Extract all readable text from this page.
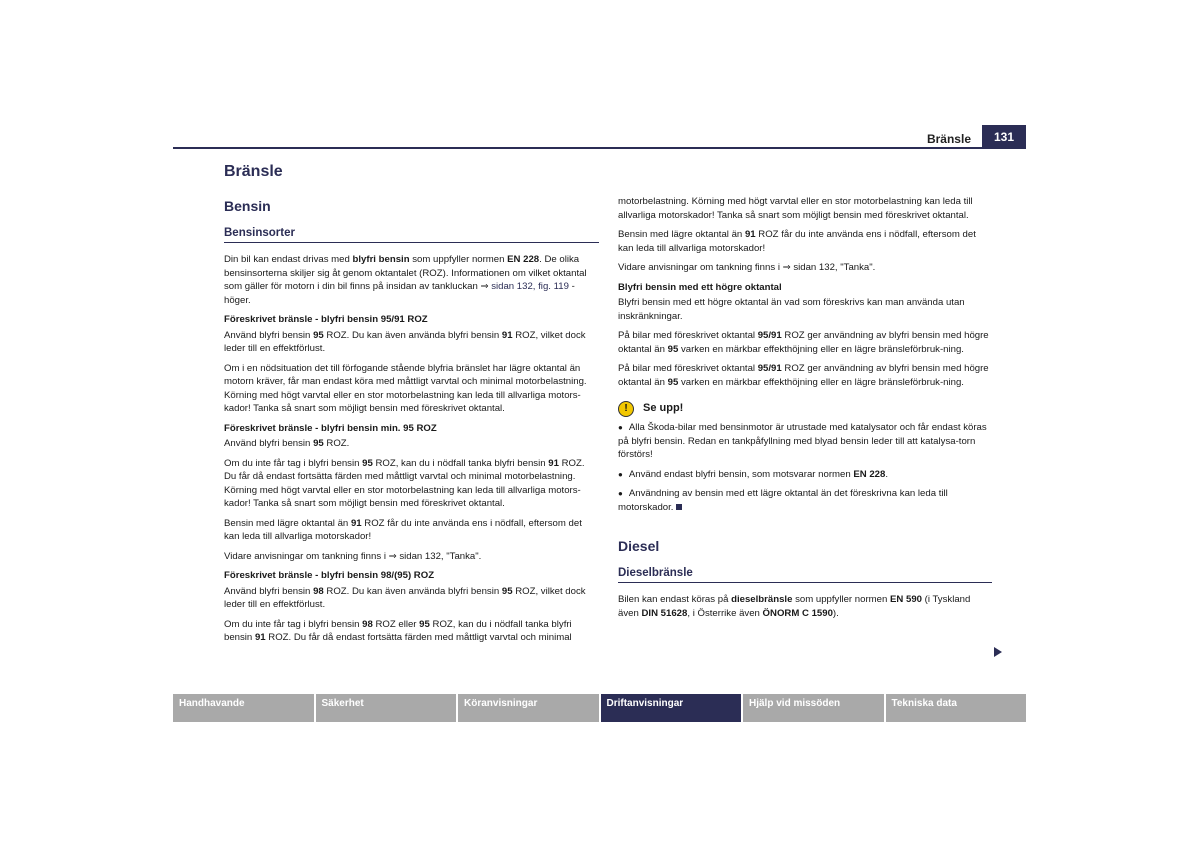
Bränsle	131
Bränsle
Bensin
Bensinsorter

Din bil kan endast drivas med blyfri bensin som uppfyller normen EN 228. De olika bensinsorterna skiljer sig åt genom oktantalet (ROZ). Informationen om vilket oktantal som gäller för motorn i din bil finns på insidan av tankluckan ⇒ sidan 132, fig. 119 -höger.

Föreskrivet bränsle - blyfri bensin 95/91 ROZ

Använd blyfri bensin 95 ROZ. Du kan även använda blyfri bensin 91 ROZ, vilket dock leder till en effektförlust.

Om i en nödsituation det till förfogande stående blyfria bränslet har lägre oktantal än motorn kräver, får man endast köra med måttligt varvtal och minimal motorbelastning. Körning med högt varvtal eller en stor motorbelastning kan leda till allvarliga motors-kador! Tanka så snart som möjligt bensin med föreskrivet oktantal.

Föreskrivet bränsle - blyfri bensin min. 95 ROZ

Använd blyfri bensin 95 ROZ.

Om du inte får tag i blyfri bensin 95 ROZ, kan du i nödfall tanka blyfri bensin 91 ROZ. Du får då endast fortsätta färden med måttligt varvtal och minimal motorbelastning. Körning med högt varvtal eller en stor motorbelastning kan leda till allvarliga motors-kador! Tanka så snart som möjligt bensin med föreskrivet oktantal.

Bensin med lägre oktantal än 91 ROZ får du inte använda ens i nödfall, eftersom det kan leda till allvarliga motorskador!

Vidare anvisningar om tankning finns i ⇒ sidan 132, "Tanka".

Föreskrivet bränsle - blyfri bensin 98/(95) ROZ

Använd blyfri bensin 98 ROZ. Du kan även använda blyfri bensin 95 ROZ, vilket dock leder till en effektförlust.

Om du inte får tag i blyfri bensin 98 ROZ eller 95 ROZ, kan du i nödfall tanka blyfri bensin 91 ROZ. Du får då endast fortsätta färden med måttligt varvtal och minimal

motorbelastning. Körning med högt varvtal eller en stor motorbelastning kan leda till allvarliga motorskador! Tanka så snart som möjligt bensin med föreskrivet oktantal.

Bensin med lägre oktantal än 91 ROZ får du inte använda ens i nödfall, eftersom det kan leda till allvarliga motorskador!

Vidare anvisningar om tankning finns i ⇒ sidan 132, "Tanka".

Blyfri bensin med ett högre oktantal

Blyfri bensin med ett högre oktantal än vad som föreskrivs kan man använda utan inskränkningar.

På bilar med föreskrivet oktantal 95/91 ROZ ger användning av blyfri bensin med högre oktantal än 95 varken en märkbar effekthöjning eller en lägre bränsleförbruk-ning.

På bilar med föreskrivet oktantal 95/91 ROZ ger användning av blyfri bensin med högre oktantal än 95 varken en märkbar effekthöjning eller en lägre bränsleförbruk-ning.

!	Se upp!

● Alla Škoda-bilar med bensinmotor är utrustade med katalysator och får endast köras på blyfri bensin. Redan en tankpåfyllning med blyad bensin leder till att katalysa-torn förstörs!

● Använd endast blyfri bensin, som motsvarar normen EN 228.

● Användning av bensin med ett lägre oktantal än det föreskrivna kan leda till motorskador.

Diesel
Dieselbränsle

Bilen kan endast köras på dieselbränsle som uppfyller normen EN 590 (i Tyskland även DIN 51628, i Österrike även ÖNORM C 1590).

Handhavande	Säkerhet	Köranvisningar	Driftanvisningar	Hjälp vid missöden	Tekniska data
